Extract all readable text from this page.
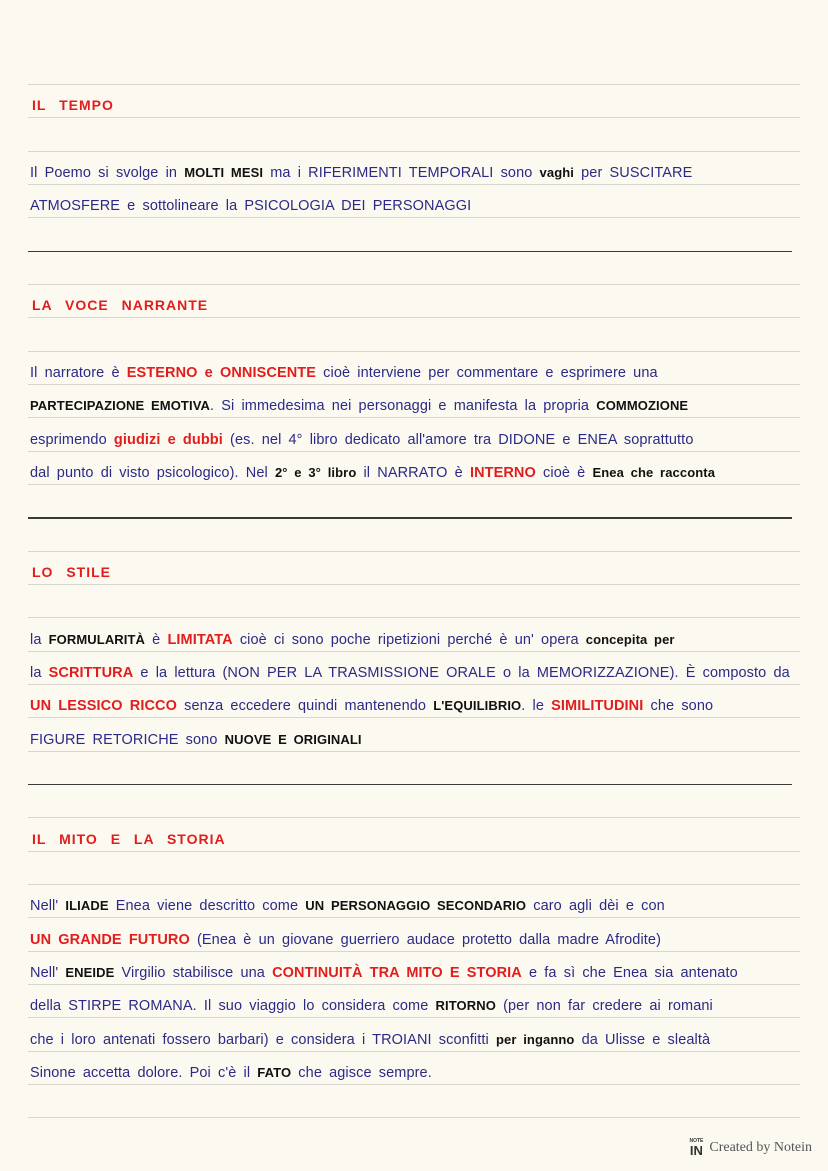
IL TEMPO
Il Poemo si svolge in MOLTI MESI ma i RIFERIMENTI TEMPORALI sono vaghi per SUSCITARE
ATMOSFERE e sottolineare la PSICOLOGIA DEI PERSONAGGI
LA VOCE NARRANTE
Il narratore è ESTERNO e ONNISCENTE cioè interviene per commentare e esprimere una
PARTECIPAZIONE EMOTIVA. Si immedesima nei personaggi e manifesta la propria COMMOZIONE
esprimendo giudizi e dubbi (es. nel 4° libro dedicato all'amore tra DIDONE e ENEA soprattutto
dal punto di visto psicologico). Nel 2° e 3° libro il NARRATO è INTERNO cioè è Enea che racconta
LO STILE
la FORMULARITÀ è LIMITATA cioè ci sono poche ripetizioni perché è un' opera concepita per
la SCRITTURA e la lettura (NON PER LA TRASMISSIONE ORALE o la MEMORIZZAZIONE). È composto da
UN LESSICO RICCO senza eccedere quindi mantenendo L'EQUILIBRIO. le SIMILITUDINI che sono
FIGURE RETORICHE sono NUOVE E ORIGINALI
IL MITO E LA STORIA
Nell' ILIADE Enea viene descritto come UN PERSONAGGIO SECONDARIO caro agli dèi e con
UN GRANDE FUTURO (Enea è un giovane guerriero audace protetto dalla madre Afrodite)
Nell' ENEIDE Virgilio stabilisce una CONTINUITÀ TRA MITO E STORIA e fa sì che Enea sia antenato
della STIRPE ROMANA. Il suo viaggio lo considera come RITORNO (per non far credere ai romani
che i loro antenati fossero barbari) e considera i TROIANI sconfitti per inganno da Ulisse e slealtà
Sinone accetta dolore. Poi c'è il FATO che agisce sempre.
NOTE
IN Created by Notein
